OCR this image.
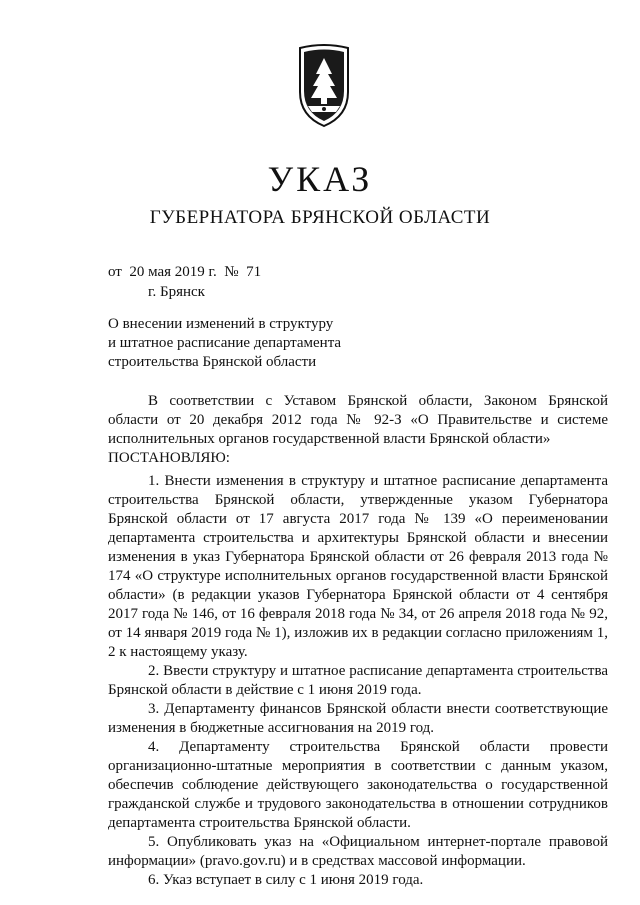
УКАЗ
ГУБЕРНАТОРА БРЯНСКОЙ ОБЛАСТИ
от  20 мая 2019 г.  №  71
г. Брянск
О внесении изменений в структуру
и штатное расписание департамента
строительства Брянской области

В соответствии с Уставом Брянской области, Законом Брянской области от 20 декабря 2012 года № 92-З «О Правительстве и системе исполнительных органов государственной власти Брянской области»

ПОСТАНОВЛЯЮ:

1. Внести изменения в структуру и штатное расписание департамента строительства Брянской области, утвержденные указом Губернатора Брянской области от 17 августа 2017 года № 139 «О переименовании департамента строительства и архитектуры Брянской области и внесении изменения в указ Губернатора Брянской области от 26 февраля 2013 года № 174 «О структуре исполнительных органов государственной власти Брянской области» (в редакции указов Губернатора Брянской области от 4 сентября 2017 года № 146, от 16 февраля 2018 года № 34, от 26 апреля 2018 года № 92, от 14 января 2019 года № 1), изложив их в редакции согласно приложениям 1, 2 к настоящему указу.

2. Ввести структуру и штатное расписание департамента строительства Брянской области в действие с 1 июня 2019 года.

3. Департаменту финансов Брянской области внести соответствующие изменения в бюджетные ассигнования на 2019 год.

4. Департаменту строительства Брянской области провести организационно-штатные мероприятия в соответствии с данным указом, обеспечив соблюдение действующего законодательства о государственной гражданской службе и трудового законодательства в отношении сотрудников департамента строительства Брянской области.

5. Опубликовать указ на «Официальном интернет-портале правовой информации» (pravo.gov.ru) и в средствах массовой информации.

6. Указ вступает в силу с 1 июня 2019 года.
